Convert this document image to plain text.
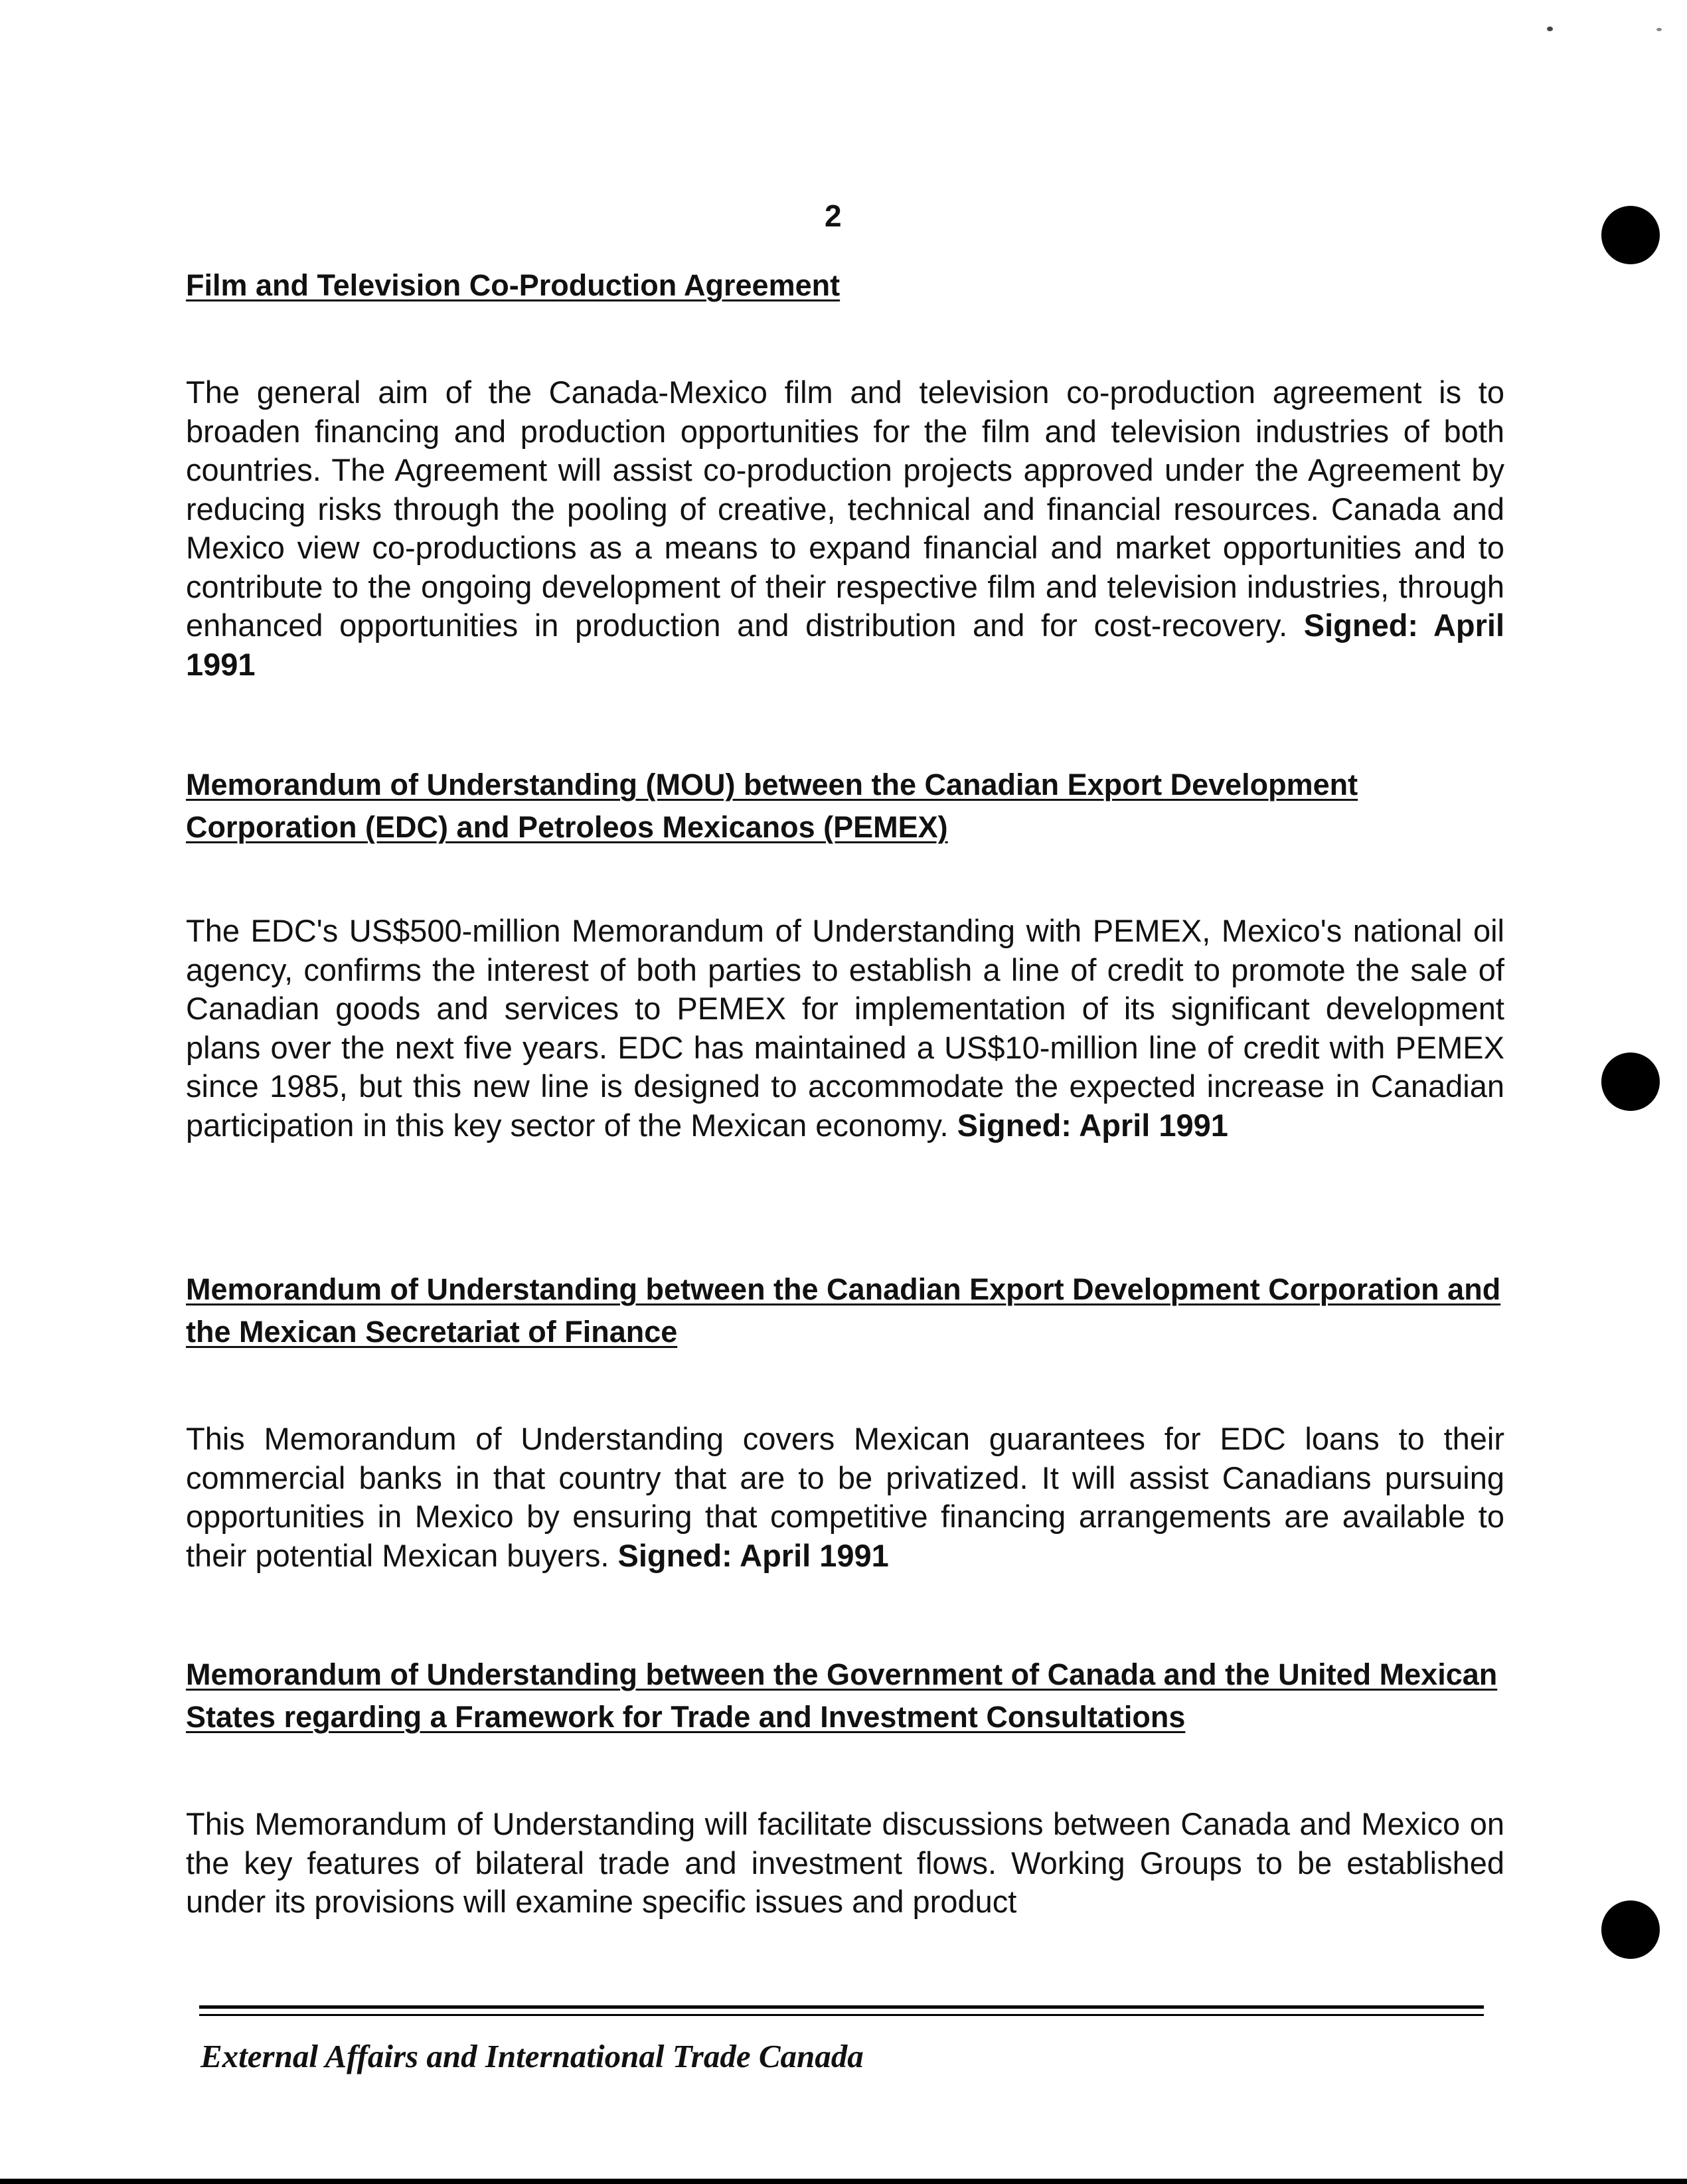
2
Film and Television Co-Production Agreement

The general aim of the Canada-Mexico film and television co-production agreement is to broaden financing and production opportunities for the film and television industries of both countries. The Agreement will assist co-production projects approved under the Agreement by reducing risks through the pooling of creative, technical and financial resources. Canada and Mexico view co-productions as a means to expand financial and market opportunities and to contribute to the ongoing development of their respective film and television industries, through enhanced opportunities in production and distribution and for cost-recovery. Signed: April 1991

Memorandum of Understanding (MOU) between the Canadian Export Development Corporation (EDC) and Petroleos Mexicanos (PEMEX)

The EDC's US$500-million Memorandum of Understanding with PEMEX, Mexico's national oil agency, confirms the interest of both parties to establish a line of credit to promote the sale of Canadian goods and services to PEMEX for implementation of its significant development plans over the next five years. EDC has maintained a US$10-million line of credit with PEMEX since 1985, but this new line is designed to accommodate the expected increase in Canadian participation in this key sector of the Mexican economy. Signed: April 1991

Memorandum of Understanding between the Canadian Export Development Corporation and the Mexican Secretariat of Finance

This Memorandum of Understanding covers Mexican guarantees for EDC loans to their commercial banks in that country that are to be privatized. It will assist Canadians pursuing opportunities in Mexico by ensuring that competitive financing arrangements are available to their potential Mexican buyers. Signed: April 1991

Memorandum of Understanding between the Government of Canada and the United Mexican States regarding a Framework for Trade and Investment Consultations

This Memorandum of Understanding will facilitate discussions between Canada and Mexico on the key features of bilateral trade and investment flows. Working Groups to be established under its provisions will examine specific issues and product

External Affairs and International Trade Canada
